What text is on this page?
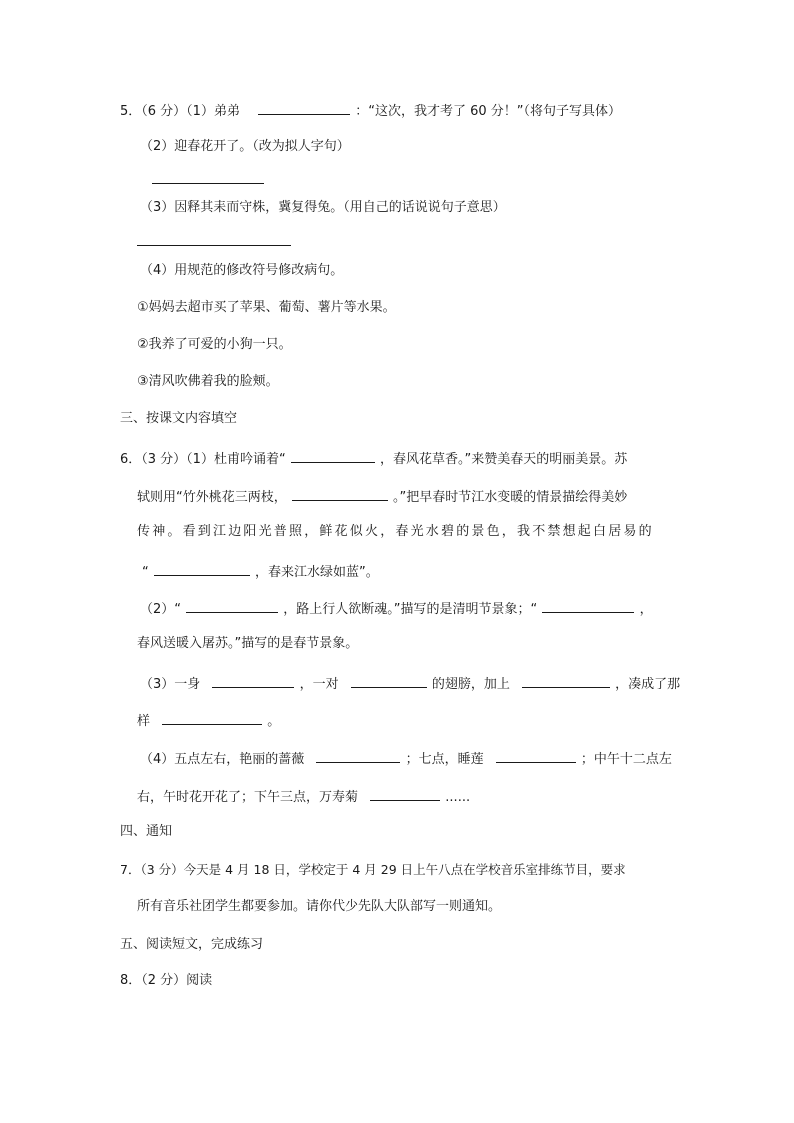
5．（6 分）（1）弟弟	：“这次，我才考了 60 分！”（将句子写具体）
（2）迎春花开了。（改为拟人字句）
（3）因释其耒而守株，冀复得兔。（用自己的话说说句子意思）
（4）用规范的修改符号修改病句。
①妈妈去超市买了苹果、葡萄、薯片等水果。
②我养了可爱的小狗一只。
③清风吹佛着我的脸颊。
三、按课文内容填空
6．（3 分）（1）杜甫吟诵着“	，春风花草香。”来赞美春天的明丽美景。苏
轼则用“竹外桃花三两枝，	。”把早春时节江水变暖的情景描绘得美妙
传神。看到江边阳光普照，鲜花似火，春光水碧的景色，我不禁想起白居易的
“	，春来江水绿如蓝”。
（2）“	，路上行人欲断魂。”描写的是清明节景象；“	，
春风送暖入屠苏。”描写的是春节景象。
（3）一身	，一对	的翅膀，加上	，凑成了那
样	。
（4）五点左右，艳丽的蔷薇	；七点，睡莲	；中午十二点左
右，午时花开花了；下午三点，万寿菊	......
四、通知
7．（3 分）今天是 4 月 18 日，学校定于 4 月 29 日上午八点在学校音乐室排练节目，要求
所有音乐社团学生都要参加。请你代少先队大队部写一则通知。
五、阅读短文，完成练习
8．（2 分）阅读
